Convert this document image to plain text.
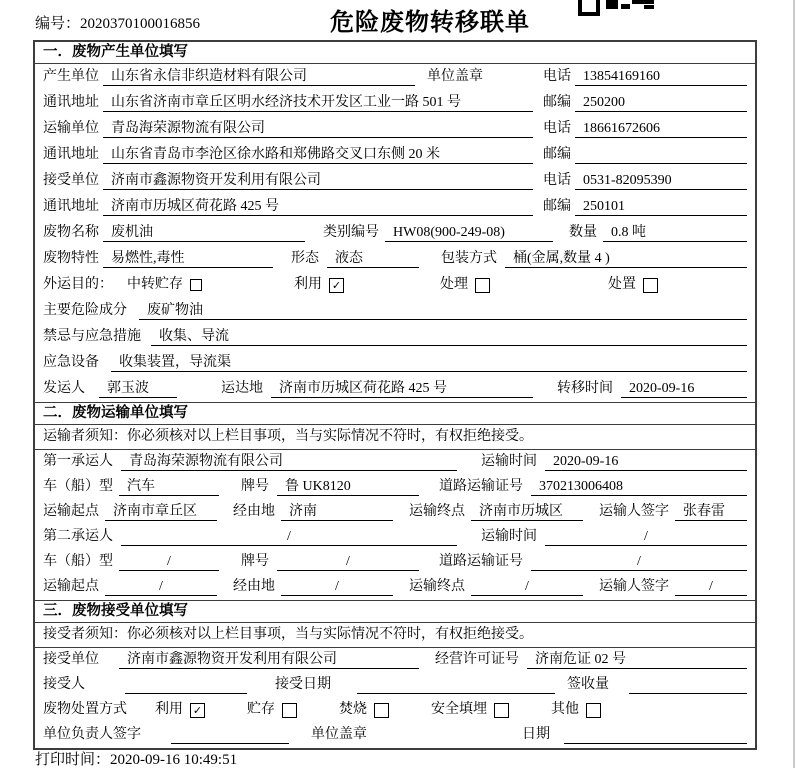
编号：2020370100016856	危险废物转移联单
一．废物产生单位填写
产生单位 山东省永信非织造材料有限公司	单位盖章	电话 13854169160
通讯地址 山东省济南市章丘区明水经济技术开发区工业一路 501 号	邮编 250200
运输单位 青岛海荣源物流有限公司	电话 18661672606
通讯地址 山东省青岛市李沧区徐水路和郑佛路交叉口东侧 20 米	邮编
接受单位 济南市鑫源物资开发利用有限公司	电话 0531-82095390
通讯地址 济南市历城区荷花路 425 号	邮编 250101
废物名称 废机油	类别编号	HW08(900-249-08)	数量	0.8 吨
废物特性 易燃性,毒性	形态	液态	包装方式	桶(金属,数量 4 )
外运目的： 中转贮存	利用 ✓	处理	处置
主要危险成分	废矿物油
禁忌与应急措施	收集、导流
应急设备	收集装置，导流渠
发运人	郭玉波	运达地	济南市历城区荷花路 425 号	转移时间	2020-09-16
二．废物运输单位填写
运输者须知：你必须核对以上栏目事项，当与实际情况不符时，有权拒绝接受。
第一承运人	青岛海荣源物流有限公司	运输时间	2020-09-16
车（船）型	汽车	牌号	鲁 UK8120	道路运输证号	370213006408
运输起点	济南市章丘区	经由地	济南	运输终点	济南市历城区	运输人签字	张春雷
第二承运人	/	运输时间	/
车（船）型	/	牌号	/	道路运输证号	/
运输起点	/	经由地	/	运输终点	/	运输人签字	/
三．废物接受单位填写
接受者须知：你必须核对以上栏目事项，当与实际情况不符时，有权拒绝接受。
接受单位	济南市鑫源物资开发利用有限公司	经营许可证号	济南危证 02 号
接受人	接受日期	签收量
废物处置方式 利用 ✓	贮存	焚烧	安全填埋	其他
单位负责人签字	单位盖章	日期
打印时间：2020-09-16 10:49:51
